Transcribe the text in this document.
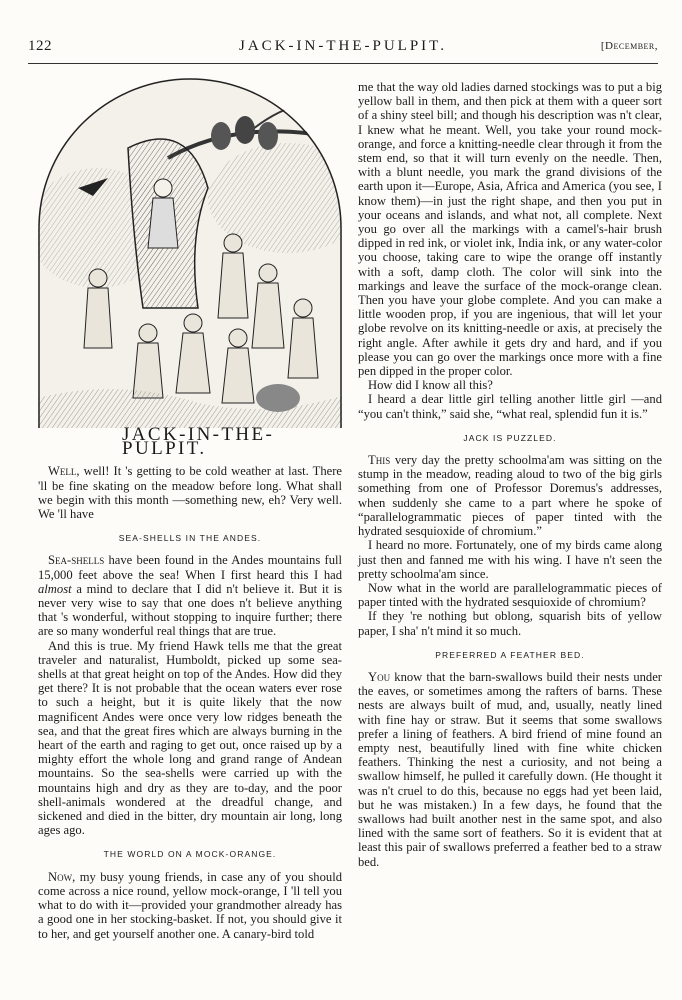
122	JACK-IN-THE-PULPIT.	[December,
JACK-IN-THE-PULPIT.

Well, well! It 's getting to be cold weather at last. There 'll be fine skating on the meadow before long. What shall we begin with this month —something new, eh? Very well. We 'll have

SEA-SHELLS IN THE ANDES.

Sea-shells have been found in the Andes mountains full 15,000 feet above the sea! When I first heard this I had almost a mind to declare that I did n't believe it. But it is never very wise to say that one does n't believe anything that 's wonderful, without stopping to inquire further; there are so many wonderful real things that are true.

And this is true. My friend Hawk tells me that the great traveler and naturalist, Humboldt, picked up some sea-shells at that great height on top of the Andes. How did they get there? It is not probable that the ocean waters ever rose to such a height, but it is quite likely that the now magnificent Andes were once very low ridges beneath the sea, and that the great fires which are always burning in the heart of the earth and raging to get out, once raised up by a mighty effort the whole long and grand range of Andean mountains. So the sea-shells were carried up with the mountains high and dry as they are to-day, and the poor shell-animals wondered at the dreadful change, and sickened and died in the bitter, dry mountain air long, long ages ago.

THE WORLD ON A MOCK-ORANGE.

Now, my busy young friends, in case any of you should come across a nice round, yellow mock-orange, I 'll tell you what to do with it—provided your grandmother already has a good one in her stocking-basket. If not, you should give it to her, and get yourself another one. A canary-bird told

me that the way old ladies darned stockings was to put a big yellow ball in them, and then pick at them with a queer sort of a shiny steel bill; and though his description was n't clear, I knew what he meant. Well, you take your round mock-orange, and force a knitting-needle clear through it from the stem end, so that it will turn evenly on the needle. Then, with a blunt needle, you mark the grand divisions of the earth upon it—Europe, Asia, Africa and America (you see, I know them)—in just the right shape, and then you put in your oceans and islands, and what not, all complete. Next you go over all the markings with a camel's-hair brush dipped in red ink, or violet ink, India ink, or any water-color you choose, taking care to wipe the orange off instantly with a soft, damp cloth. The color will sink into the markings and leave the surface of the mock-orange clean. Then you have your globe complete. And you can make a little wooden prop, if you are ingenious, that will let your globe revolve on its knitting-needle or axis, at precisely the right angle. After awhile it gets dry and hard, and if you please you can go over the markings once more with a fine pen dipped in the proper color.

How did I know all this?

I heard a dear little girl telling another little girl —and “you can't think,” said she, “what real, splendid fun it is.”

JACK IS PUZZLED.

This very day the pretty schoolma'am was sitting on the stump in the meadow, reading aloud to two of the big girls something from one of Professor Doremus's addresses, when suddenly she came to a part where he spoke of “parallelogrammatic pieces of paper tinted with the hydrated sesquioxide of chromium.”

I heard no more. Fortunately, one of my birds came along just then and fanned me with his wing. I have n't seen the pretty schoolma'am since.

Now what in the world are parallelogrammatic pieces of paper tinted with the hydrated sesquioxide of chromium?

If they 're nothing but oblong, squarish bits of yellow paper, I sha' n't mind it so much.

PREFERRED A FEATHER BED.

You know that the barn-swallows build their nests under the eaves, or sometimes among the rafters of barns. These nests are always built of mud, and, usually, neatly lined with fine hay or straw. But it seems that some swallows prefer a lining of feathers. A bird friend of mine found an empty nest, beautifully lined with fine white chicken feathers. Thinking the nest a curiosity, and not being a swallow himself, he pulled it carefully down. (He thought it was n't cruel to do this, because no eggs had yet been laid, but he was mistaken.) In a few days, he found that the swallows had built another nest in the same spot, and also lined with the same sort of feathers. So it is evident that at least this pair of swallows preferred a feather bed to a straw bed.
